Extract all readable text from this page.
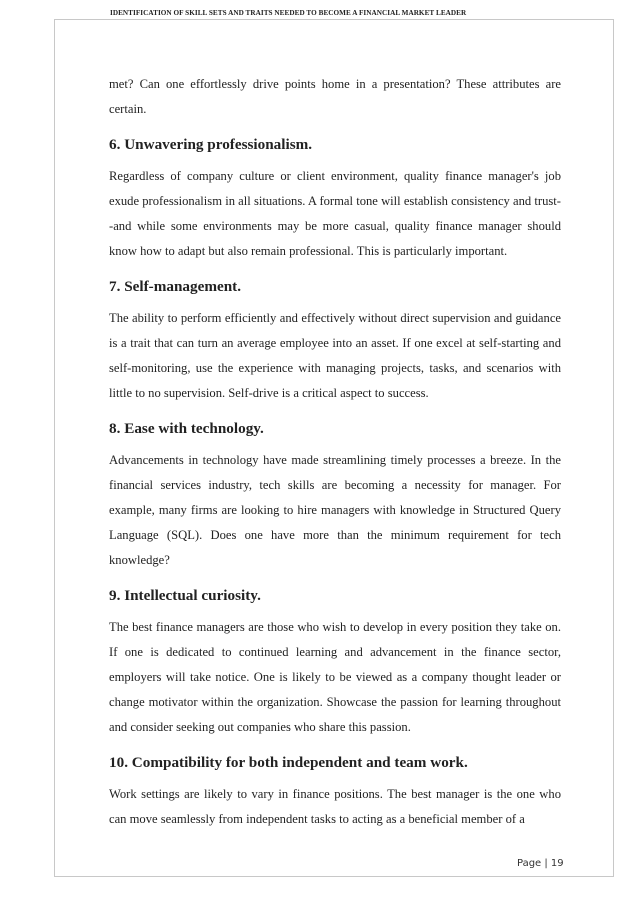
IDENTIFICATION OF SKILL SETS AND TRAITS NEEDED TO BECOME A FINANCIAL MARKET LEADER

met? Can one effortlessly drive points home in a presentation? These attributes are certain.

6. Unwavering professionalism.

Regardless of company culture or client environment, quality finance manager's job exude professionalism in all situations. A formal tone will establish consistency and trust--and while some environments may be more casual, quality finance manager should know how to adapt but also remain professional. This is particularly important.

7. Self-management.

The ability to perform efficiently and effectively without direct supervision and guidance is a trait that can turn an average employee into an asset. If one excel at self-starting and self-monitoring, use the experience with managing projects, tasks, and scenarios with little to no supervision. Self-drive is a critical aspect to success.

8. Ease with technology.

Advancements in technology have made streamlining timely processes a breeze. In the financial services industry, tech skills are becoming a necessity for manager. For example, many firms are looking to hire managers with knowledge in Structured Query Language (SQL). Does one have more than the minimum requirement for tech knowledge?

9. Intellectual curiosity.

The best finance managers are those who wish to develop in every position they take on. If one is dedicated to continued learning and advancement in the finance sector, employers will take notice. One is likely to be viewed as a company thought leader or change motivator within the organization. Showcase the passion for learning throughout and consider seeking out companies who share this passion.

10. Compatibility for both independent and team work.

Work settings are likely to vary in finance positions. The best manager is the one who can move seamlessly from independent tasks to acting as a beneficial member of a

Page | 19
